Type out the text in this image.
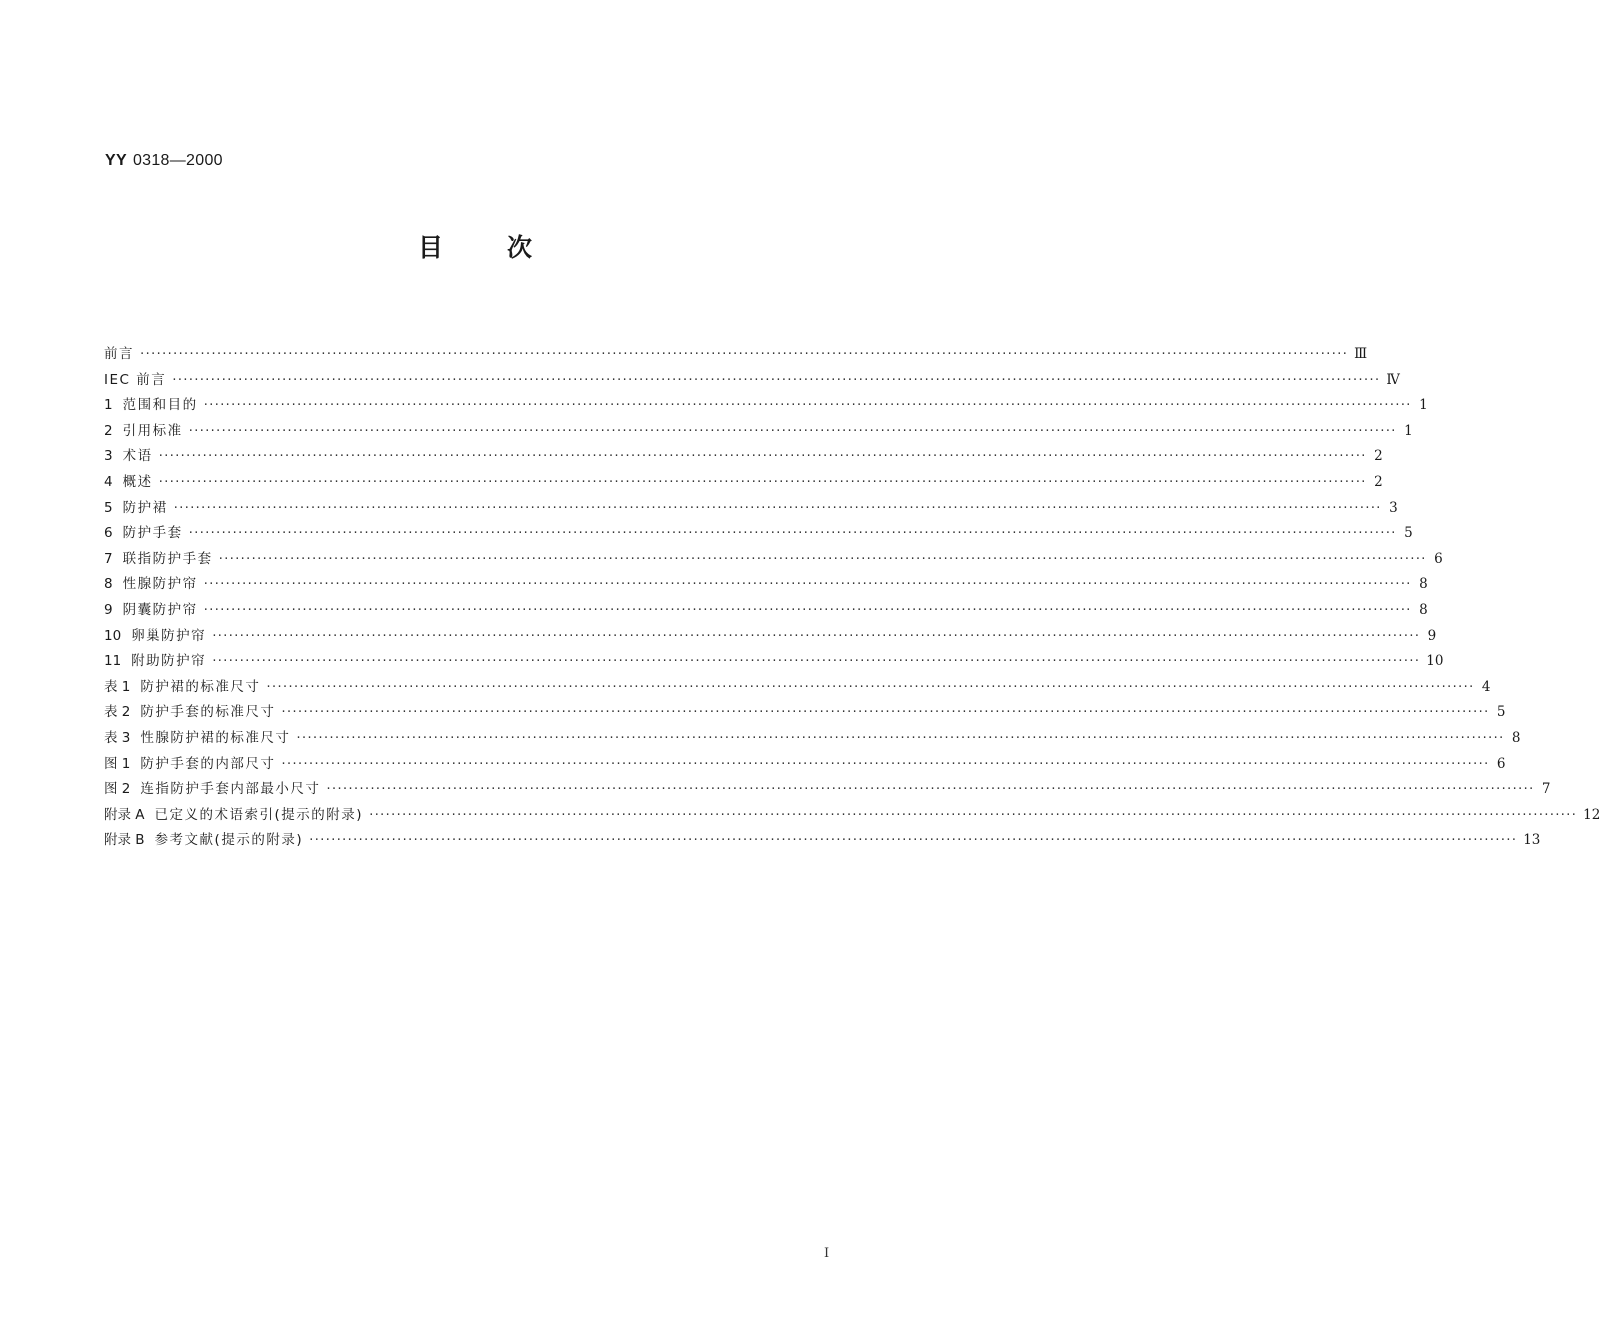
YY 0318—2000
目次
前言 ···························································································································································································································· Ⅲ
IEC 前言 ···························································································································································································································· Ⅳ
1 范围和目的 ···························································································································································································································· 1
2 引用标准 ···························································································································································································································· 1
3 术语 ···························································································································································································································· 2
4 概述 ···························································································································································································································· 2
5 防护裙 ···························································································································································································································· 3
6 防护手套 ···························································································································································································································· 5
7 联指防护手套 ···························································································································································································································· 6
8 性腺防护帘 ···························································································································································································································· 8
9 阴囊防护帘 ···························································································································································································································· 8
10 卵巢防护帘 ···························································································································································································································· 9
11 附助防护帘 ···························································································································································································································· 10
表 1 防护裙的标准尺寸 ···························································································································································································································· 4
表 2 防护手套的标准尺寸 ···························································································································································································································· 5
表 3 性腺防护裙的标准尺寸 ···························································································································································································································· 8
图 1 防护手套的内部尺寸 ···························································································································································································································· 6
图 2 连指防护手套内部最小尺寸 ···························································································································································································································· 7
附录 A 已定义的术语索引(提示的附录) ···························································································································································································································· 12
附录 B 参考文献(提示的附录) ···························································································································································································································· 13
I
